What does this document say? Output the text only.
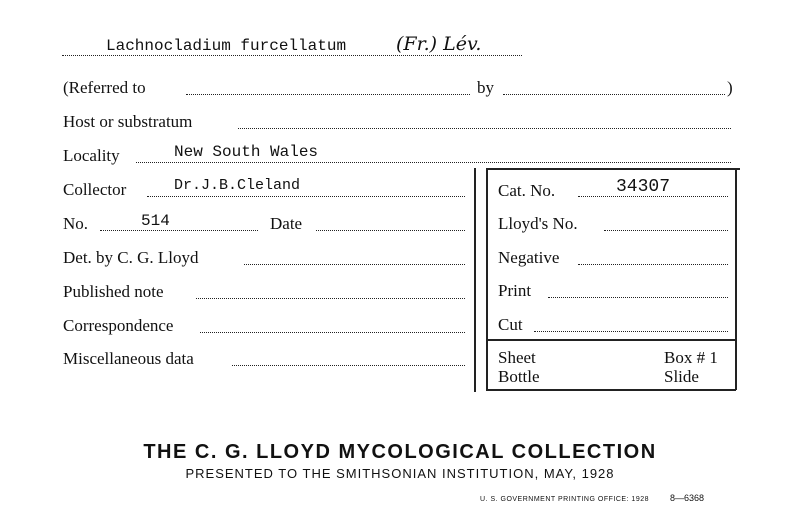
Lachnocladium furcellatum	(Fr.) Lév.
(Referred to	by	)
Host or substratum
Locality	New South Wales
Collector	Dr.J.B.Cleland
No.	514	Date
Det. by C. G. Lloyd
Published note
Correspondence
Miscellaneous data
Cat. No.	34307
Lloyd's No.
Negative
Print
Cut
Sheet	Box # 1
Bottle	Slide
THE C. G. LLOYD MYCOLOGICAL COLLECTION
PRESENTED TO THE SMITHSONIAN INSTITUTION, MAY, 1928
U. S. GOVERNMENT PRINTING OFFICE: 1928 8—6368
